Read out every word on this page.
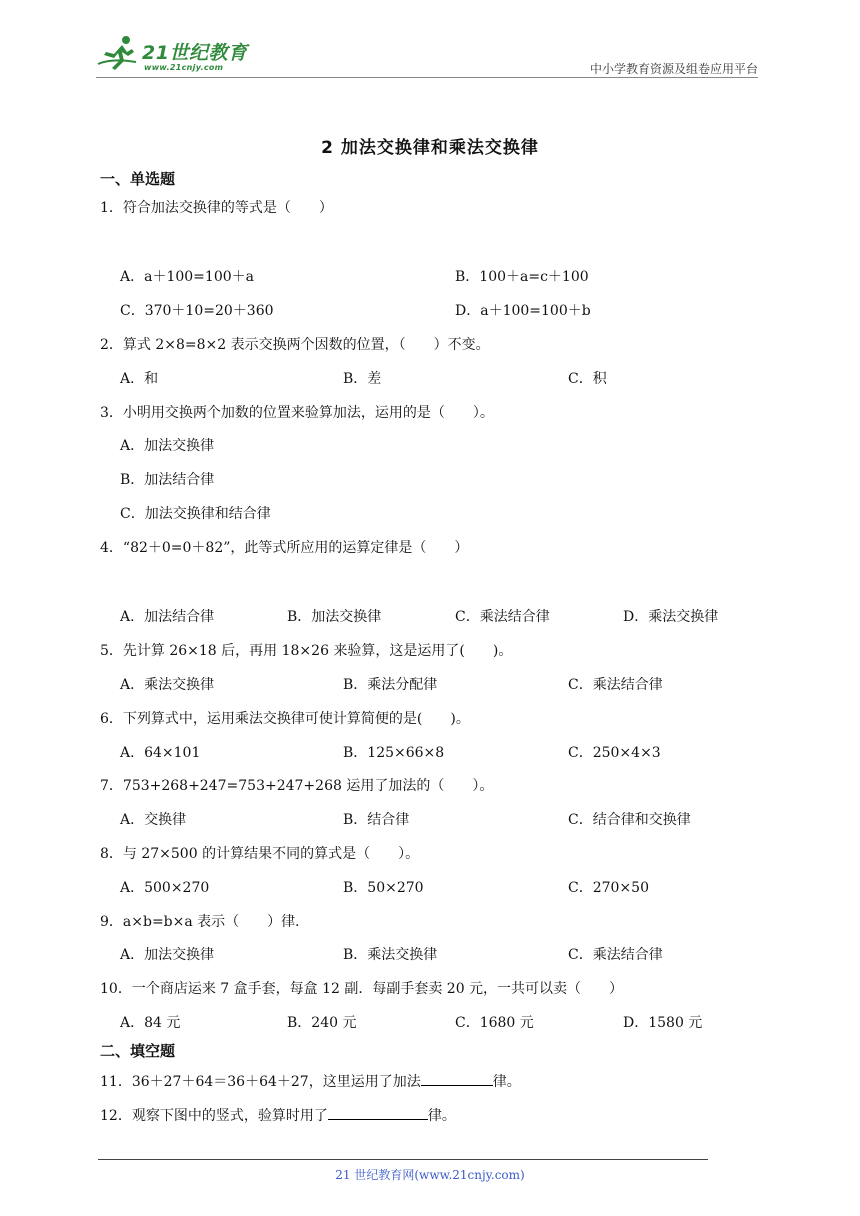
21世纪教育
www.21cnjy.com	中小学教育资源及组卷应用平台
2 加法交换律和乘法交换律
一、单选题
1．符合加法交换律的等式是（　　）
A．a＋100=100＋a	B．100＋a=c＋100
C．370＋10=20＋360	D．a＋100=100＋b
2．算式 2×8=8×2 表示交换两个因数的位置，（　　）不变。
A．和	B．差	C．积
3．小明用交换两个加数的位置来验算加法，运用的是（　　）。
A．加法交换律
B．加法结合律
C．加法交换律和结合律
4．“82＋0=0＋82”，此等式所应用的运算定律是（　　）
A．加法结合律	B．加法交换律	C．乘法结合律	D．乘法交换律
5．先计算 26×18 后，再用 18×26 来验算，这是运用了(　　)。
A．乘法交换律	B．乘法分配律	C．乘法结合律
6．下列算式中，运用乘法交换律可使计算简便的是(　　)。
A．64×101	B．125×66×8	C．250×4×3
7．753+268+247=753+247+268 运用了加法的（　　）。
A．交换律	B．结合律	C．结合律和交换律
8．与 27×500 的计算结果不同的算式是（　　）。
A．500×270	B．50×270	C．270×50
9．a×b=b×a 表示（　　）律．
A．加法交换律	B．乘法交换律	C．乘法结合律
10．一个商店运来 7 盒手套，每盒 12 副．每副手套卖 20 元，一共可以卖（　　）
A．84 元	B．240 元	C．1680 元	D．1580 元
二、填空题
11．36＋27＋64＝36＋64＋27，这里运用了加法	律。
12．观察下图中的竖式，验算时用了	律。
21 世纪教育网(www.21cnjy.com)
